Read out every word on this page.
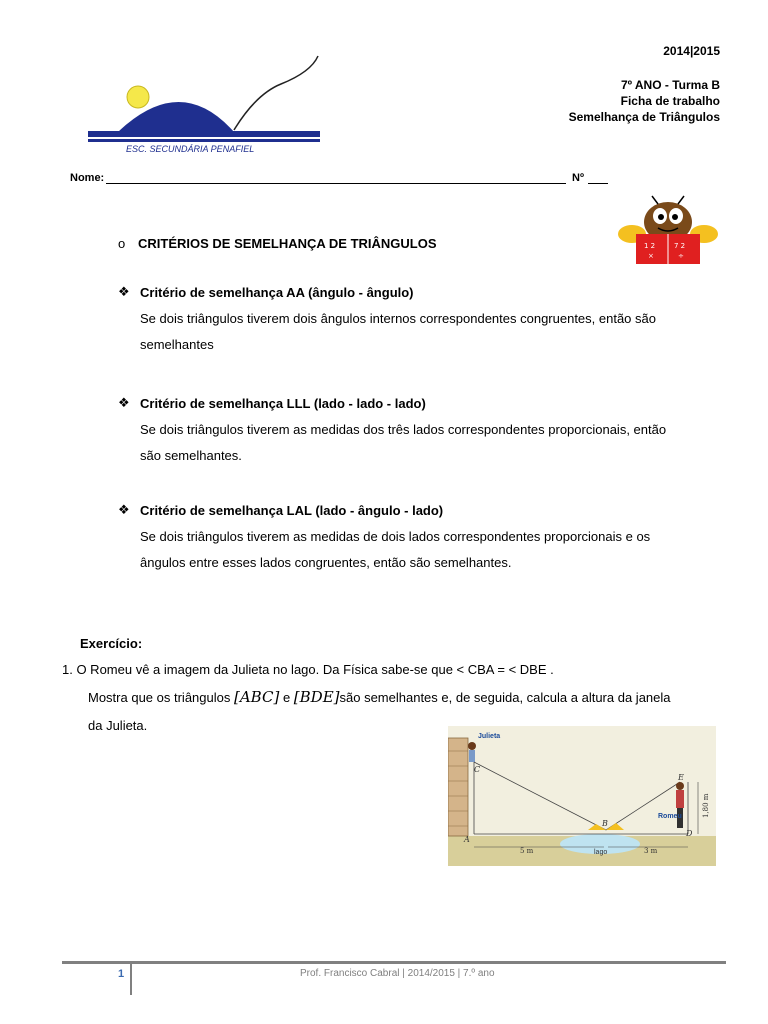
2014|2015
7º ANO - Turma B
Ficha de trabalho
Semelhança de Triângulos
ESC. SECUNDÁRIA PENAFIEL
Nome:	Nº
1 2	7 2
×	÷
o CRITÉRIOS DE SEMELHANÇA DE TRIÂNGULOS
❖ Critério de semelhança AA (ângulo - ângulo)
Se dois triângulos tiverem dois ângulos internos correspondentes congruentes, então são
semelhantes
❖ Critério de semelhança LLL (lado - lado - lado)
Se dois triângulos tiverem as medidas dos três lados correspondentes proporcionais, então
são semelhantes.
❖ Critério de semelhança LAL (lado - ângulo - lado)
Se dois triângulos tiverem as medidas de dois lados correspondentes proporcionais e os
ângulos entre esses lados congruentes, então são semelhantes.
Exercício:
1. O Romeu vê a imagem da Julieta no lago. Da Física sabe-se que < CBA = < DBE .
Mostra que os triângulos [ABC] e [BDE]são semelhantes e, de seguida, calcula a altura da janela
da Julieta.
Julieta
Romeu
lago
5 m	3 m
1,80 m
A
B
C
D
E
1	Prof. Francisco Cabral | 2014/2015 | 7.º ano
